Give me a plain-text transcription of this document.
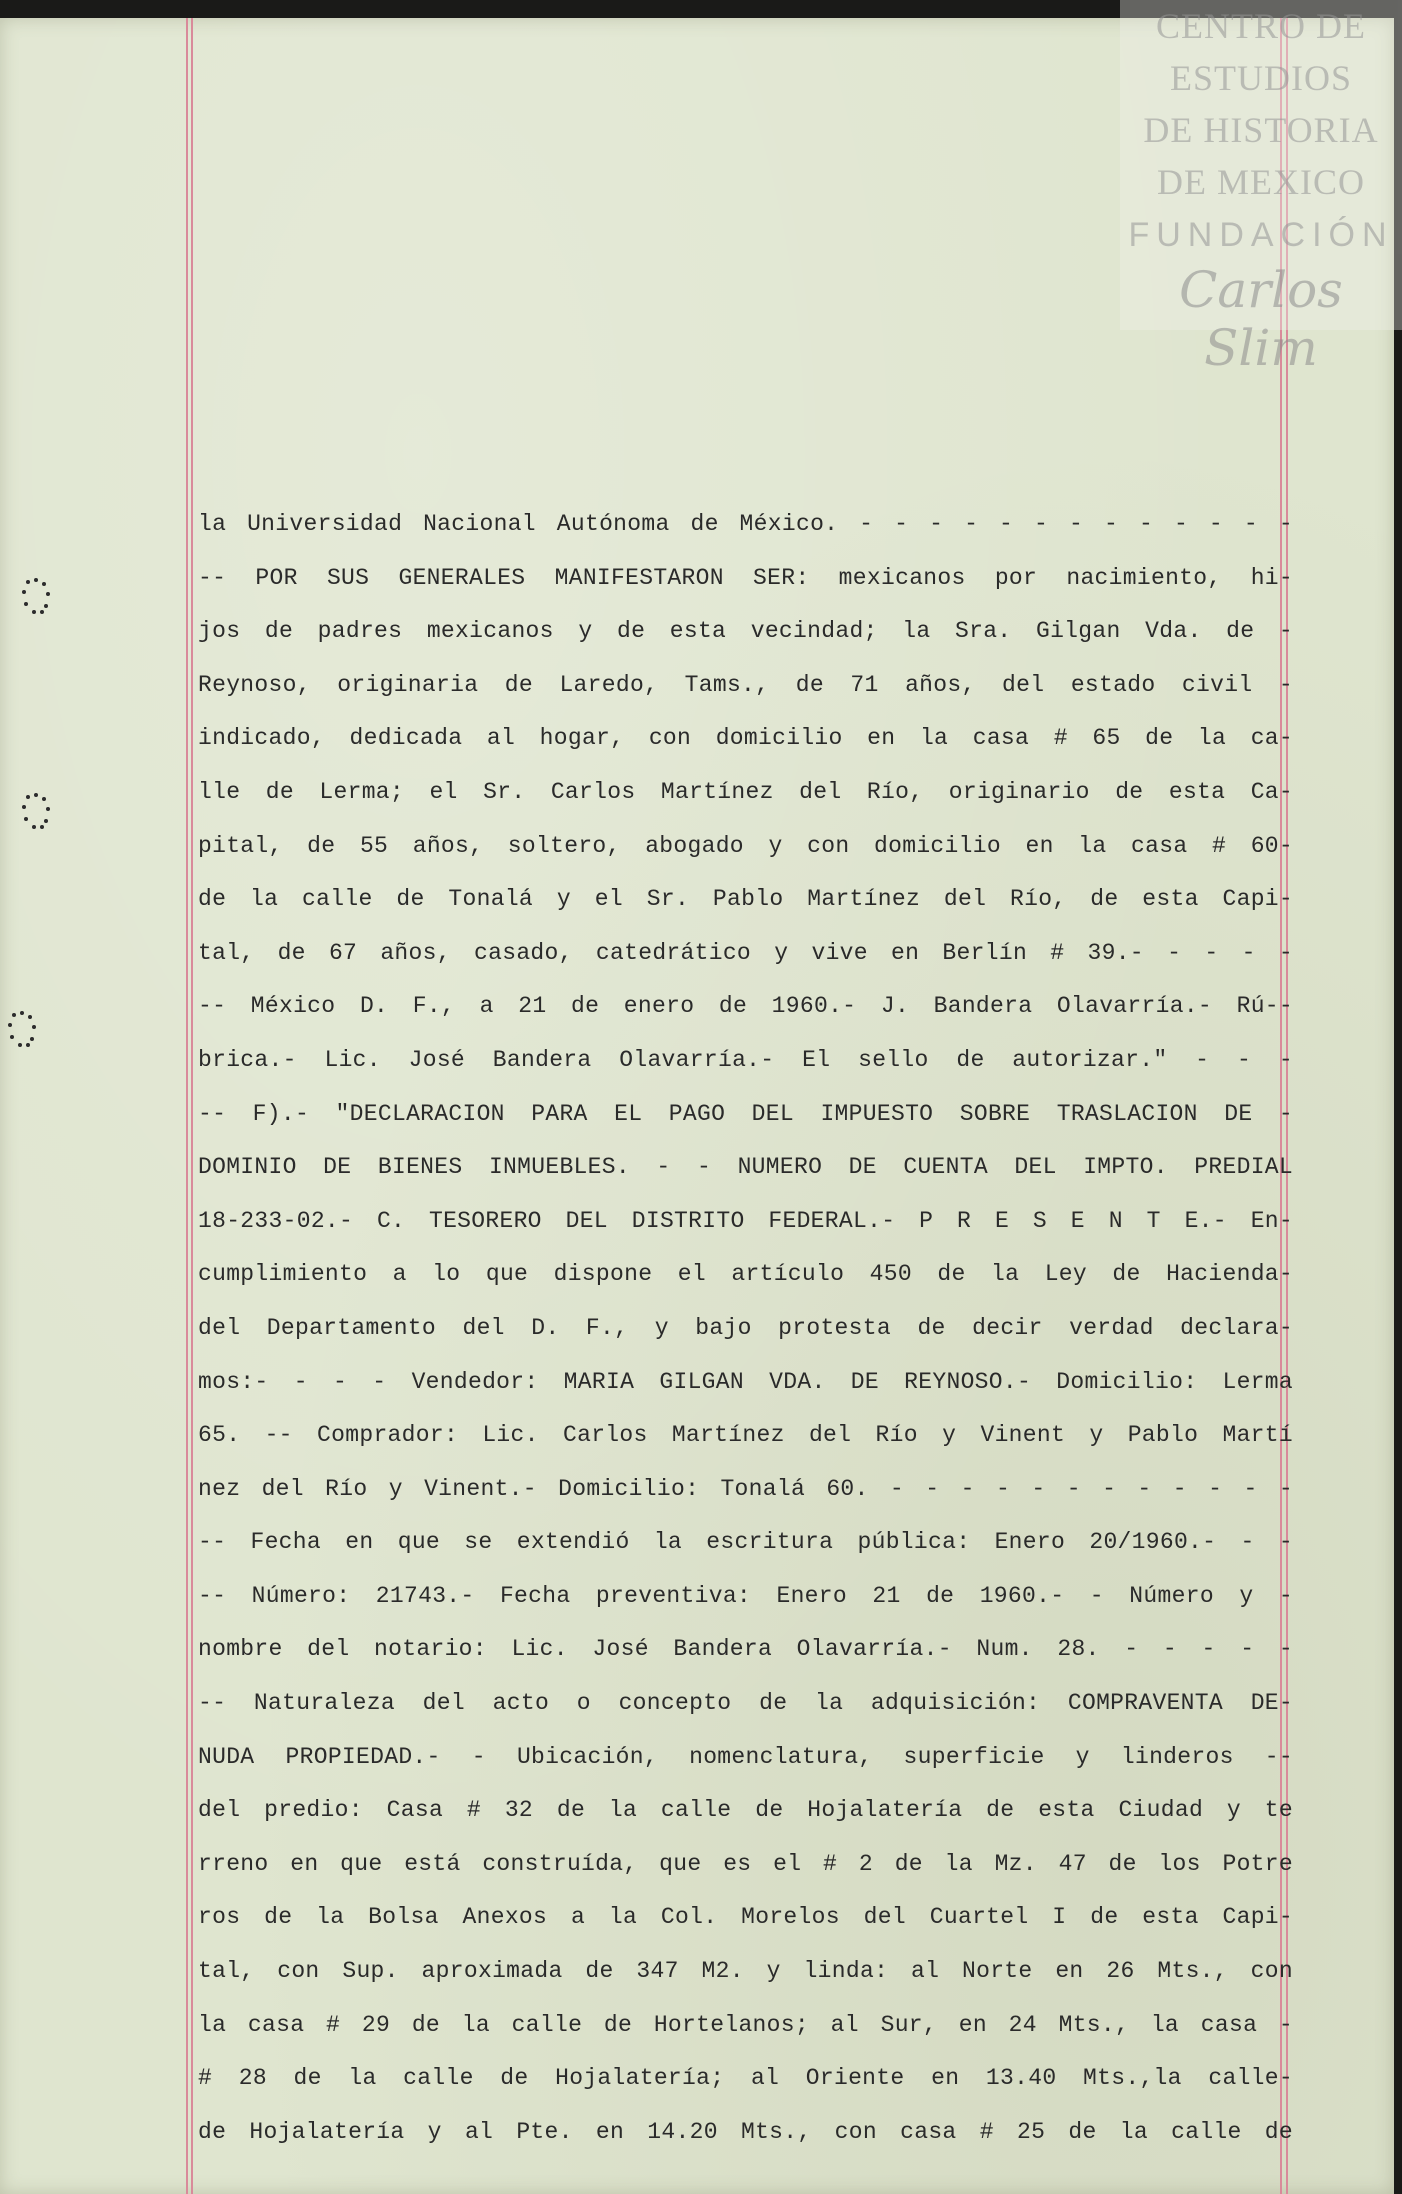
la Universidad Nacional Autónoma de México. - - - - - - - - - - - - -
-- POR SUS GENERALES MANIFESTARON SER: mexicanos por nacimiento, hi-
jos de padres mexicanos y de esta vecindad; la Sra. Gilgan Vda. de -
Reynoso, originaria de Laredo, Tams., de 71 años, del estado civil -
indicado, dedicada al hogar, con domicilio en la casa # 65 de la ca-
lle de Lerma; el Sr. Carlos Martínez del Río, originario de esta Ca-
pital, de 55 años, soltero, abogado y con domicilio en la casa # 60-
de la calle de Tonalá y el Sr. Pablo Martínez del Río, de esta Capi-
tal, de 67 años, casado, catedrático y vive en Berlín # 39.- - - - -
-- México D. F., a 21 de enero de 1960.- J. Bandera Olavarría.- Rú--
brica.- Lic. José Bandera Olavarría.- El sello de autorizar." - - -
-- F).- "DECLARACION PARA EL PAGO DEL IMPUESTO SOBRE TRASLACION DE -
DOMINIO DE BIENES INMUEBLES. - - NUMERO DE CUENTA DEL IMPTO. PREDIAL
18-233-02.- C. TESORERO DEL DISTRITO FEDERAL.- P R E S E N T E.- En-
cumplimiento a lo que dispone el artículo 450 de la Ley de Hacienda-
del Departamento del D. F., y bajo protesta de decir verdad declara-
mos:- - - - Vendedor: MARIA GILGAN VDA. DE REYNOSO.- Domicilio: Lerma
65. -- Comprador: Lic. Carlos Martínez del Río y Vinent y Pablo Martí
nez del Río y Vinent.- Domicilio: Tonalá 60. - - - - - - - - - - - -
-- Fecha en que se extendió la escritura pública: Enero 20/1960.- - -
-- Número: 21743.- Fecha preventiva: Enero 21 de 1960.- - Número y -
nombre del notario: Lic. José Bandera Olavarría.- Num. 28. - - - - -
-- Naturaleza del acto o concepto de la adquisición: COMPRAVENTA DE-
NUDA PROPIEDAD.- - Ubicación, nomenclatura, superficie y linderos --
del predio: Casa # 32 de la calle de Hojalatería de esta Ciudad y te
rreno en que está construída, que es el # 2 de la Mz. 47 de los Potre
ros de la Bolsa Anexos a la Col. Morelos del Cuartel I de esta Capi-
tal, con Sup. aproximada de 347 M2. y linda: al Norte en 26 Mts., con
la casa # 29 de la calle de Hortelanos; al Sur, en 24 Mts., la casa -
# 28 de la calle de Hojalatería; al Oriente en 13.40 Mts.,la calle-
de Hojalatería y al Pte. en 14.20 Mts., con casa # 25 de la calle de
CENTRO DE
ESTUDIOS
DE HISTORIA
DE MEXICO
FUNDACIÓN
Carlos Slim
